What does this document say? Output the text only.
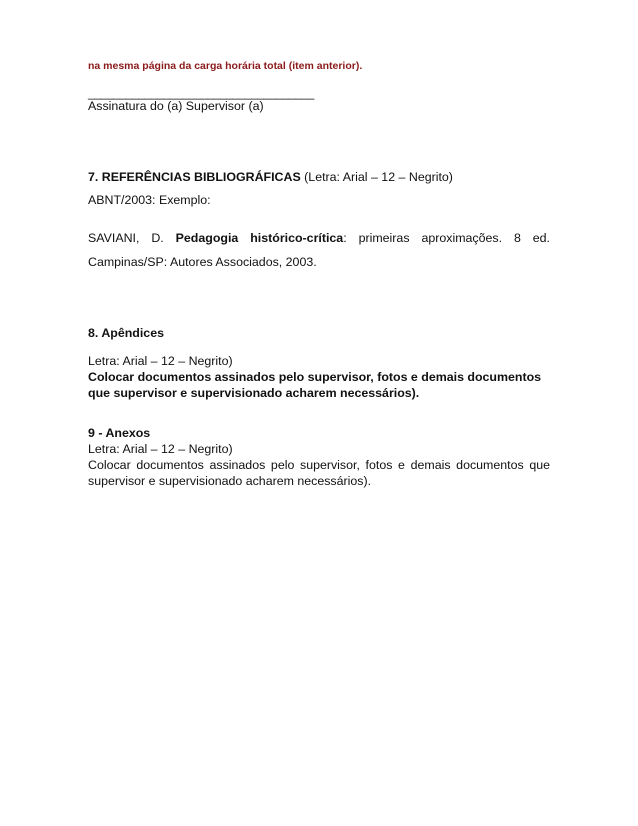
na mesma página da carga horária total (item anterior).
____________________________________
Assinatura do (a) Supervisor (a)
7. REFERÊNCIAS BIBLIOGRÁFICAS (Letra: Arial – 12 – Negrito)
ABNT/2003: Exemplo:
SAVIANI, D. Pedagogia histórico-crítica: primeiras aproximações. 8 ed.
Campinas/SP: Autores Associados, 2003.
8. Apêndices
Letra: Arial – 12 – Negrito)
Colocar documentos assinados pelo supervisor, fotos e demais documentos
que supervisor e supervisionado acharem necessários).
9 - Anexos
Letra: Arial – 12 – Negrito)
Colocar documentos assinados pelo supervisor, fotos e demais documentos que
supervisor e supervisionado acharem necessários).
